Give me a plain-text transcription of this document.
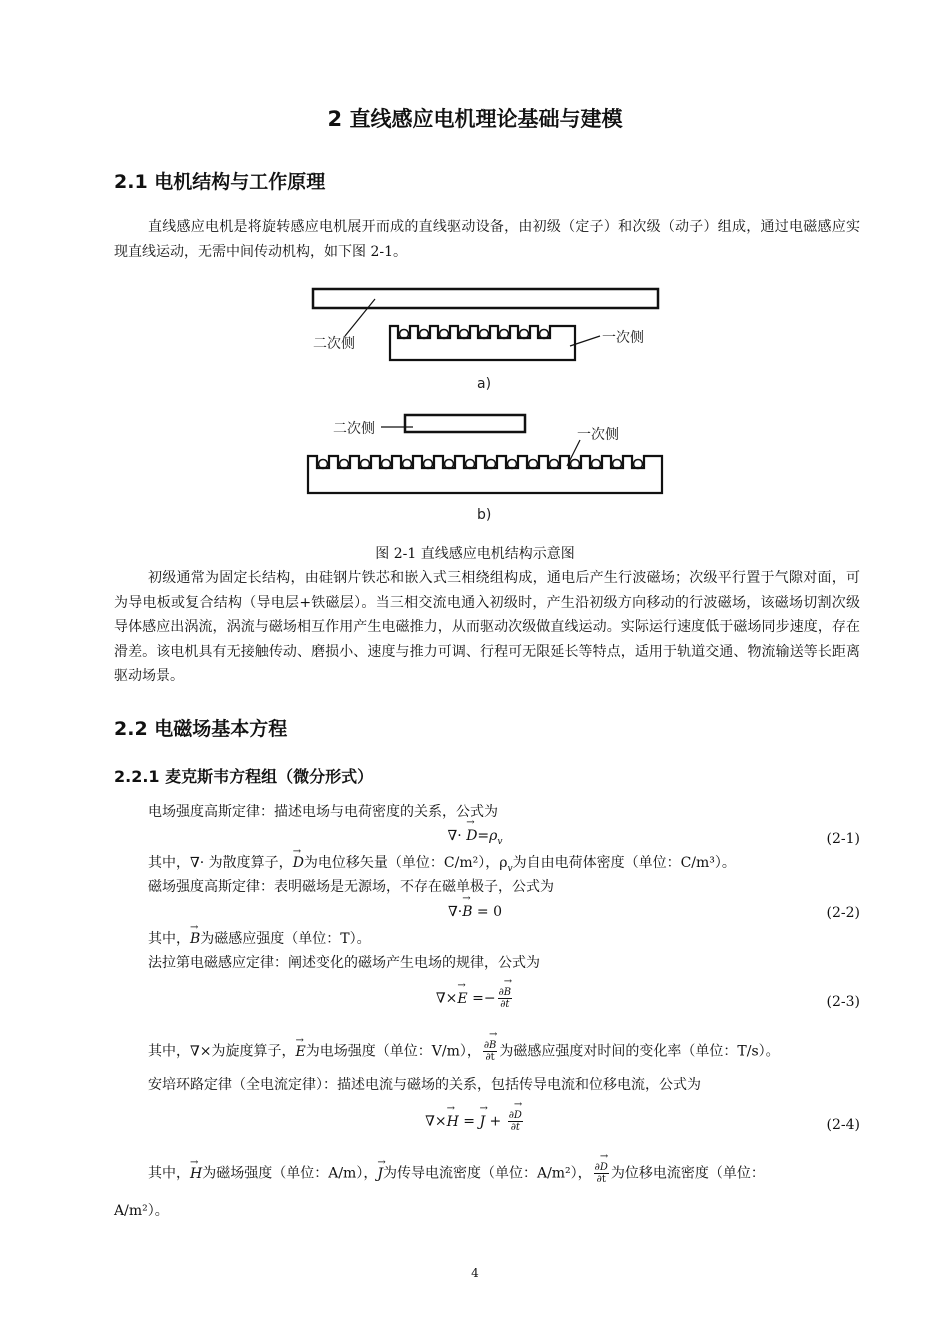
2 直线感应电机理论基础与建模
2.1 电机结构与工作原理

直线感应电机是将旋转感应电机展开而成的直线驱动设备，由初级（定子）和次级（动子）组成，通过电磁感应实现直线运动，无需中间传动机构，如下图 2-1。

二次侧	一次侧
a)
二次侧	一次侧
b)
图 2-1 直线感应电机结构示意图

初级通常为固定长结构，由硅钢片铁芯和嵌入式三相绕组构成，通电后产生行波磁场；次级平行置于气隙对面，可为导电板或复合结构（导电层+铁磁层）。当三相交流电通入初级时，产生沿初级方向移动的行波磁场，该磁场切割次级导体感应出涡流，涡流与磁场相互作用产生电磁推力，从而驱动次级做直线运动。实际运行速度低于磁场同步速度，存在滑差。该电机具有无接触传动、磨损小、速度与推力可调、行程可无限延长等特点，适用于轨道交通、物流输送等长距离驱动场景。

2.2 电磁场基本方程
2.2.1 麦克斯韦方程组（微分形式）
电场强度高斯定律：描述电场与电荷密度的关系，公式为
∇· → $D=\rho_v$	(2-1)
其中，∇· 为散度算子，→ D为电位移矢量（单位：C/m²），$\rho_v$为自由电荷体密度（单位：C/m³）。
磁场强度高斯定律：表明磁场是无源场，不存在磁单极子，公式为
∇·→ B = 0	(2-2)
其中，→ B为磁感应强度（单位：T）。
法拉第电磁感应定律：阐述变化的磁场产生电场的规律，公式为
∇×→ $E =- \frac{\partial\to B}{\partial t}$	(2-3)
其中，∇×为旋度算子，→ E为电场强度（单位：V/m）， $\frac{\partial\to B}{\partial t}$ 为磁感应强度对时间的变化率（单位：T/s）。
安培环路定律（全电流定律）：描述电流与磁场的关系，包括传导电流和位移电流，公式为
∇×→ H = → $J + \frac{\partial\to D}{\partial t}$	(2-4)
其中，→ H为磁场强度（单位：A/m），→ J为传导电流密度（单位：A/m²）， $\frac{\partial\to D}{\partial t}$ 为位移电流密度（单位：
A/m²）。
4
